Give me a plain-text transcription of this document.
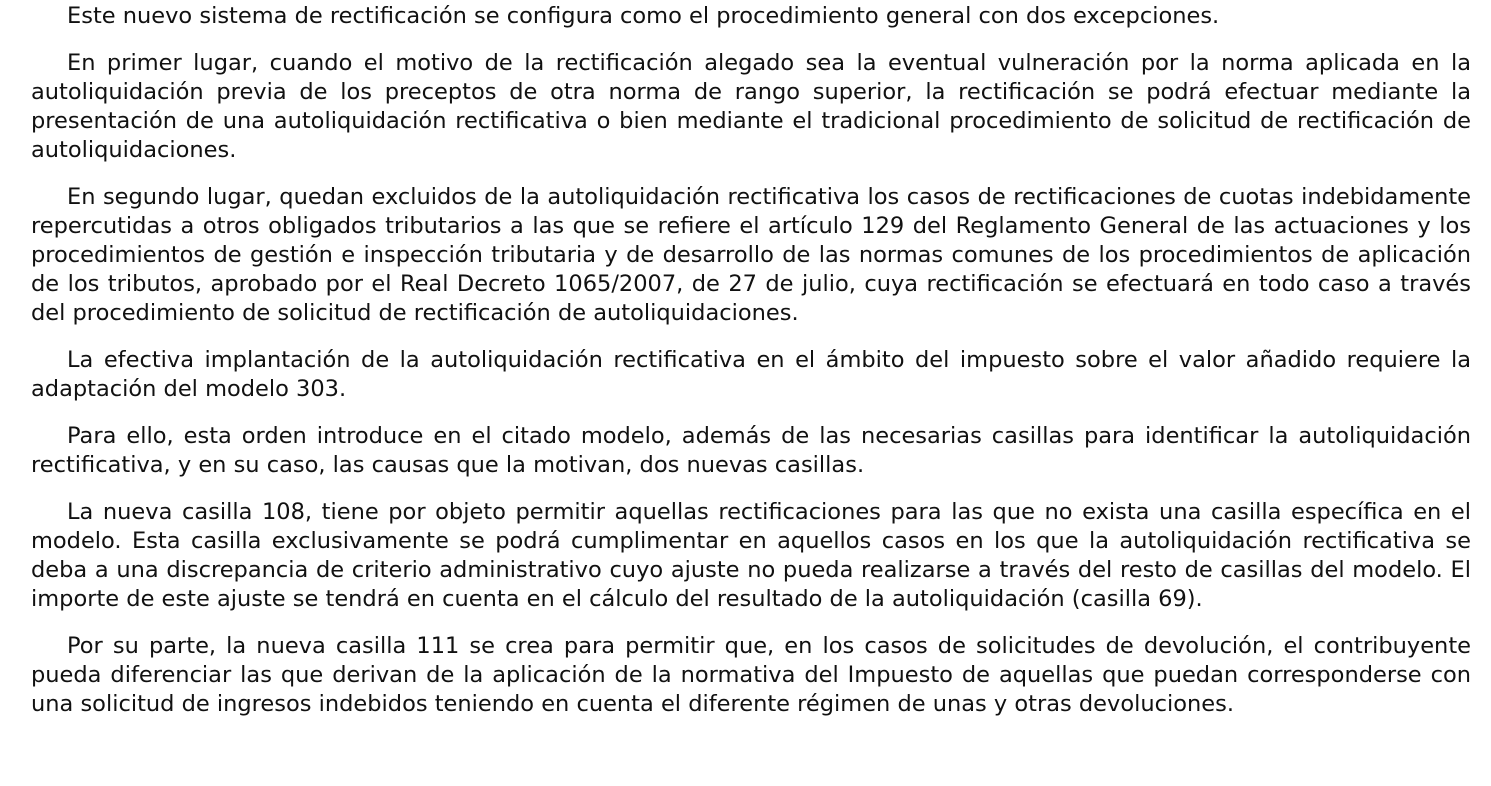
Este nuevo sistema de rectificación se configura como el procedimiento general con dos excepciones.

En primer lugar, cuando el motivo de la rectificación alegado sea la eventual vulneración por la norma aplicada en la autoliquidación previa de los preceptos de otra norma de rango superior, la rectificación se podrá efectuar mediante la presentación de una autoliquidación rectificativa o bien mediante el tradicional procedimiento de solicitud de rectificación de autoliquidaciones.

En segundo lugar, quedan excluidos de la autoliquidación rectificativa los casos de rectificaciones de cuotas indebidamente repercutidas a otros obligados tributarios a las que se refiere el artículo 129 del Reglamento General de las actuaciones y los procedimientos de gestión e inspección tributaria y de desarrollo de las normas comunes de los procedimientos de aplicación de los tributos, aprobado por el Real Decreto 1065/2007, de 27 de julio, cuya rectificación se efectuará en todo caso a través del procedimiento de solicitud de rectificación de autoliquidaciones.

La efectiva implantación de la autoliquidación rectificativa en el ámbito del impuesto sobre el valor añadido requiere la adaptación del modelo 303.

Para ello, esta orden introduce en el citado modelo, además de las necesarias casillas para identificar la autoliquidación rectificativa, y en su caso, las causas que la motivan, dos nuevas casillas.

La nueva casilla 108, tiene por objeto permitir aquellas rectificaciones para las que no exista una casilla específica en el modelo. Esta casilla exclusivamente se podrá cumplimentar en aquellos casos en los que la autoliquidación rectificativa se deba a una discrepancia de criterio administrativo cuyo ajuste no pueda realizarse a través del resto de casillas del modelo. El importe de este ajuste se tendrá en cuenta en el cálculo del resultado de la autoliquidación (casilla 69).

Por su parte, la nueva casilla 111 se crea para permitir que, en los casos de solicitudes de devolución, el contribuyente pueda diferenciar las que derivan de la aplicación de la normativa del Impuesto de aquellas que puedan corresponderse con una solicitud de ingresos indebidos teniendo en cuenta el diferente régimen de unas y otras devoluciones.
